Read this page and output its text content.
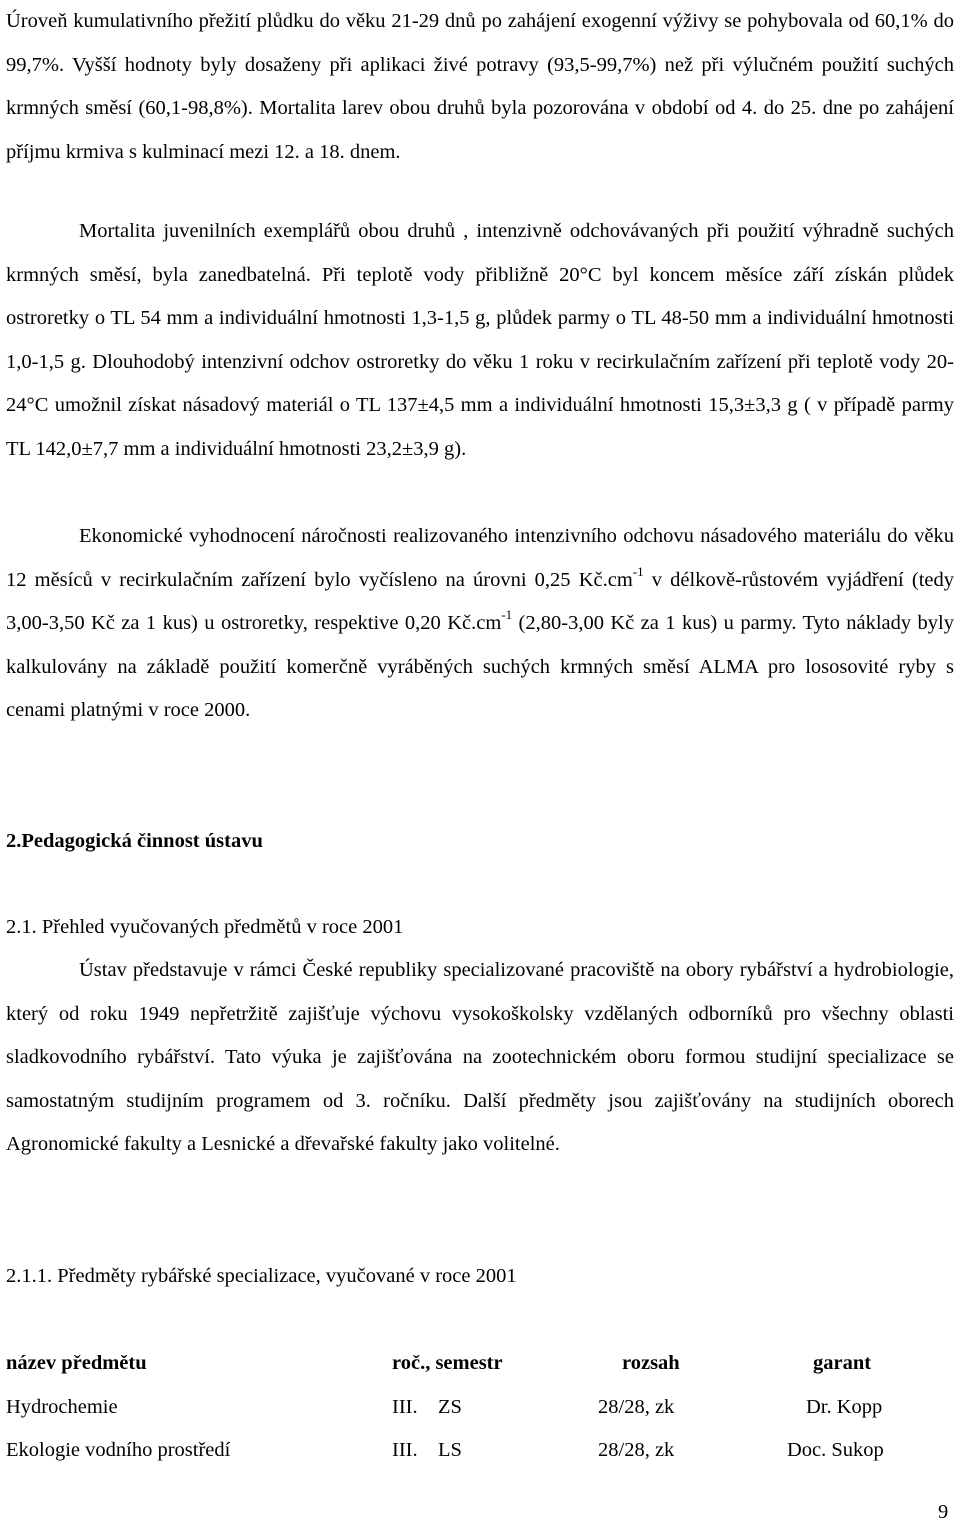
Úroveň kumulativního přežití plůdku do věku 21-29 dnů po zahájení exogenní výživy se pohybovala od 60,1% do 99,7%. Vyšší hodnoty byly dosaženy při aplikaci živé potravy (93,5-99,7%) než při výlučném použití suchých krmných směsí (60,1-98,8%). Mortalita larev obou druhů byla pozorována v období od 4. do 25. dne po zahájení příjmu krmiva s kulminací mezi 12. a 18. dnem.

Mortalita juvenilních exemplářů obou druhů , intenzivně odchovávaných při použití výhradně suchých krmných směsí, byla zanedbatelná. Při teplotě vody přibližně 20°C byl koncem měsíce září získán plůdek ostroretky o TL 54 mm a individuální hmotnosti 1,3-1,5 g, plůdek parmy o TL 48-50 mm a individuální hmotnosti 1,0-1,5 g. Dlouhodobý intenzivní odchov ostroretky do věku 1 roku v recirkulačním zařízení při teplotě vody 20-24°C umožnil získat násadový materiál o TL 137±4,5 mm a individuální hmotnosti 15,3±3,3 g ( v případě parmy TL 142,0±7,7 mm a individuální hmotnosti 23,2±3,9 g).

Ekonomické vyhodnocení náročnosti realizovaného intenzivního odchovu násadového materiálu do věku 12 měsíců v recirkulačním zařízení bylo vyčísleno na úrovni 0,25 $Kč.cm^{-1}$ v délkově-růstovém vyjádření (tedy 3,00-3,50 Kč za 1 kus) u ostroretky, respektive 0,20 $Kč.cm^{-1}$ (2,80-3,00 Kč za 1 kus) u parmy. Tyto náklady byly kalkulovány na základě použití komerčně vyráběných suchých krmných směsí ALMA pro lososovité ryby s cenami platnými v roce 2000.

2.Pedagogická činnost ústavu
2.1. Přehled vyučovaných předmětů v roce 2001

Ústav představuje v rámci České republiky specializované pracoviště na obory rybářství a hydrobiologie, který od roku 1949 nepřetržitě zajišťuje výchovu vysokoškolsky vzdělaných odborníků pro všechny oblasti sladkovodního rybářství. Tato výuka je zajišťována na zootechnickém oboru formou studijní specializace se samostatným studijním programem od 3. ročníku. Další předměty jsou zajišťovány na studijních oborech Agronomické fakulty a Lesnické a dřevařské fakulty jako volitelné.

2.1.1. Předměty rybářské specializace, vyučované v roce 2001
název předmětu	roč., semestr	rozsah	garant
Hydrochemie	III. ZS	28/28, zk	Dr. Kopp
Ekologie vodního prostředí	III. LS	28/28, zk	Doc. Sukop
9
